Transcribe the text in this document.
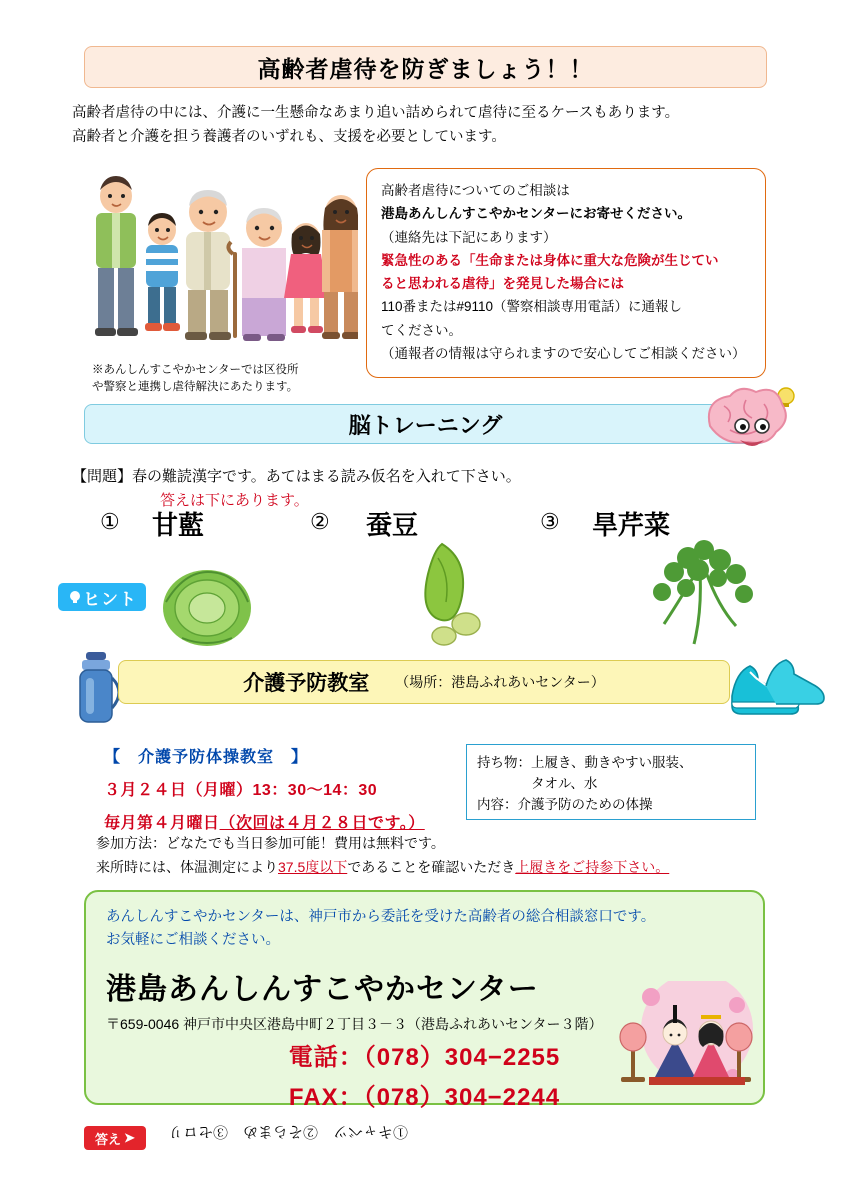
高齢者虐待を防ぎましょう！！
高齢者虐待の中には、介護に一生懸命なあまり追い詰められて虐待に至るケースもあります。
高齢者と介護を担う養護者のいずれも、支援を必要としています。
※あんしんすこやかセンターでは区役所
や警察と連携し虐待解決にあたります。

高齢者虐待についてのご相談は

港島あんしんすこやかセンターにお寄せください。

（連絡先は下記にあります）

緊急性のある「生命または身体に重大な危険が生じてい

ると思われる虐待」を発見した場合には

110番または#9110（警察相談専用電話）に通報し

てください。

（通報者の情報は守られますので安心してご相談ください）

脳トレーニング
【問題】春の難読漢字です。あてはまる読み仮名を入れて下さい。
答えは下にあります。
① 甘藍	② 蚕豆	③ 旱芹菜
ヒント
介護予防教室 （場所：港島ふれあいセンター）
【　介護予防体操教室　】
３月２４日（月曜）13：30〜14：30
毎月第４月曜日（次回は４月２８日です。）
持ち物：上履き、動きやすい服装、
　　　　タオル、水
内容：介護予防のための体操
参加方法：どなたでも当日参加可能！費用は無料です。
来所時には、体温測定により37.5度以下であることを確認いただき上履きをご持参下さい。
あんしんすこやかセンターは、神戸市から委託を受けた高齢者の総合相談窓口です。
お気軽にご相談ください。
港島あんしんすこやかセンター
〒659-0046 神戸市中央区港島中町２丁目３－３（港島ふれあいセンター３階）
電話：（078）304−2255
FAX：（078）304−2244
答え ➤ ①キャベツ　②そらまめ　③セロリ
